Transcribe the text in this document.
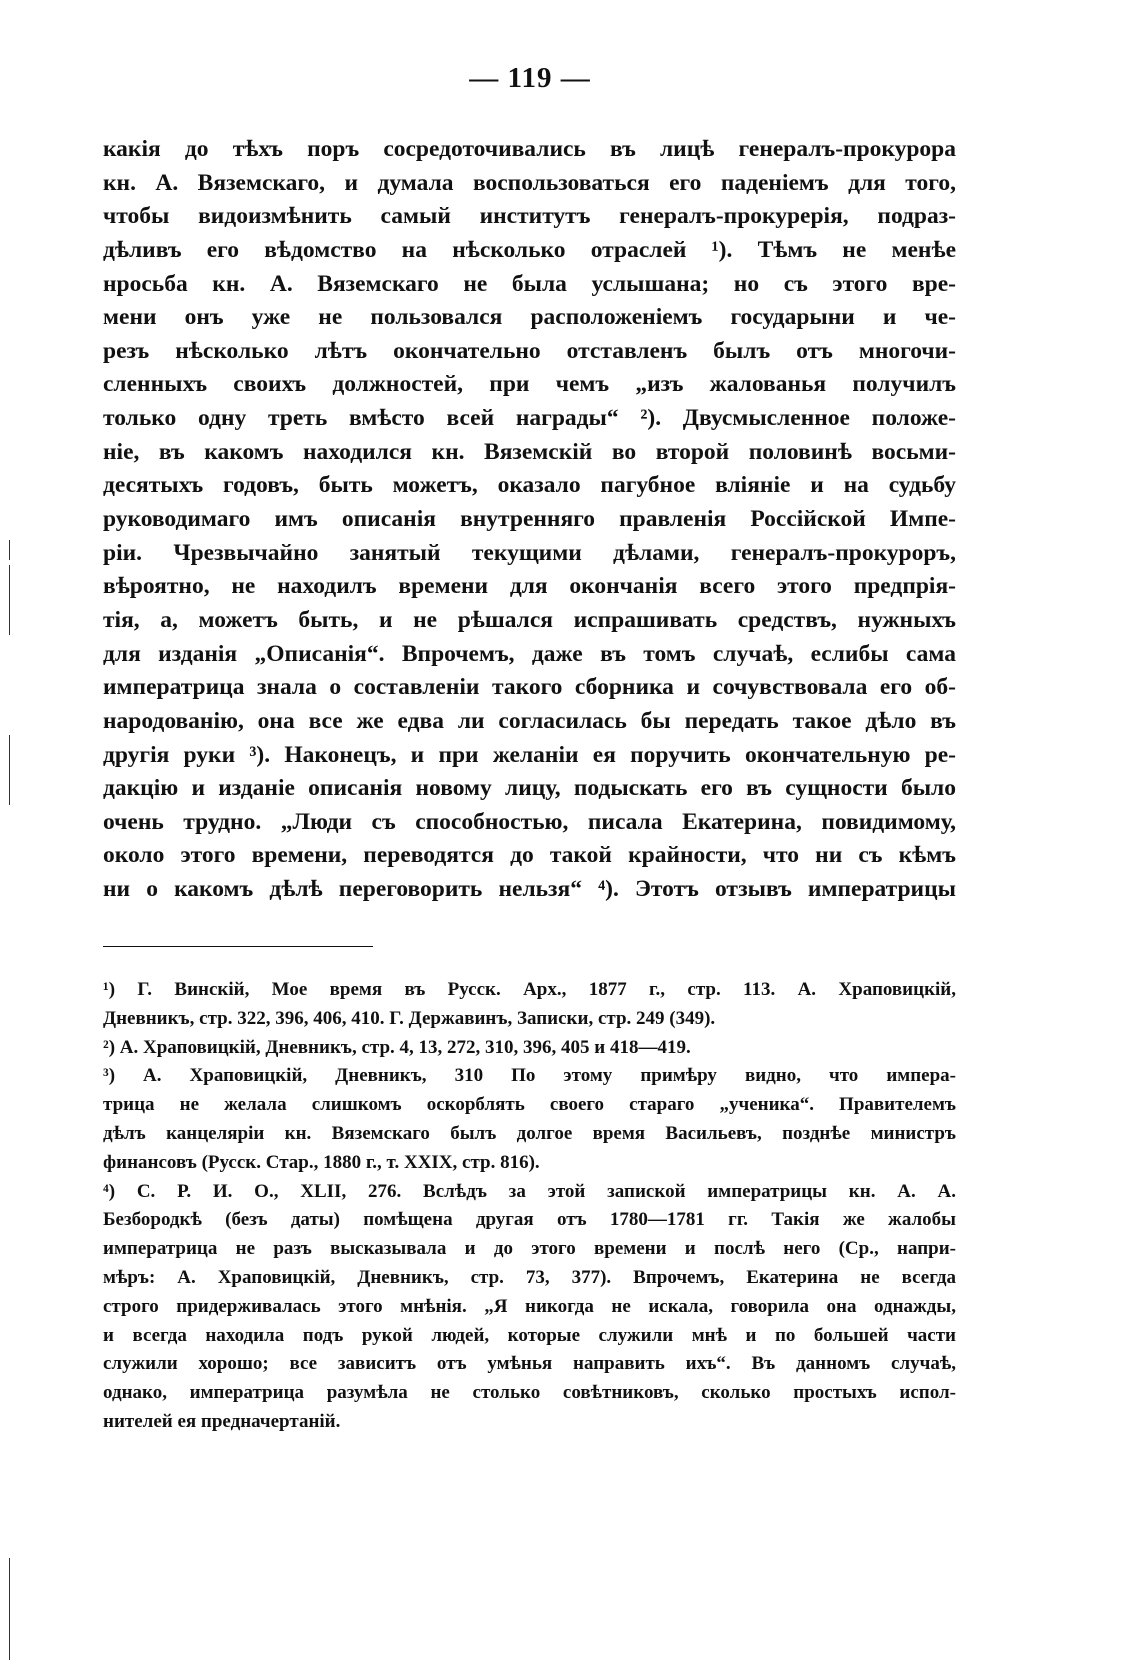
— 119 —
какія до тѣхъ поръ сосредоточивались въ лицѣ генералъ-прокурора
кн. А. Вяземскаго, и думала воспользоваться его паденіемъ для того,
чтобы видоизмѣнить самый институтъ генералъ-прокурерія, подраз-
дѣливъ его вѣдомство на нѣсколько отраслей ¹). Тѣмъ не менѣе
нросьба кн. А. Вяземскаго не была услышана; но съ этого вре-
мени онъ уже не пользовался расположеніемъ государыни и че-
резъ нѣсколько лѣтъ окончательно отставленъ былъ отъ многочи-
сленныхъ своихъ должностей, при чемъ „изъ жалованья получилъ
только одну треть вмѣсто всей награды“ ²). Двусмысленное положе-
ніе, въ какомъ находился кн. Вяземскій во второй половинѣ восьми-
десятыхъ годовъ, быть можетъ, оказало пагубное вліяніе и на судьбу
руководимаго имъ описанія внутренняго правленія Россійской Импе-
ріи. Чрезвычайно занятый текущими дѣлами, генералъ-прокуроръ,
вѣроятно, не находилъ времени для окончанія всего этого предпрія-
тія, а, можетъ быть, и не рѣшался испрашивать средствъ, нужныхъ
для изданія „Описанія“. Впрочемъ, даже въ томъ случаѣ, еслибы сама
императрица знала о составленіи такого сборника и сочувствовала его об-
народованію, она все же едва ли согласилась бы передать такое дѣло въ
другія руки ³). Наконецъ, и при желаніи ея поручить окончательную ре-
дакцію и изданіе описанія новому лицу, подыскать его въ сущности было
очень трудно. „Люди съ способностью, писала Екатерина, повидимому,
около этого времени, переводятся до такой крайности, что ни съ кѣмъ
ни о какомъ дѣлѣ переговорить нельзя“ ⁴). Этотъ отзывъ императрицы
¹) Г. Винскій, Мое время въ Русск. Арх., 1877 г., стр. 113. А. Храповицкій,
Дневникъ, стр. 322, 396, 406, 410. Г. Державинъ, Записки, стр. 249 (349).
²) А. Храповицкій, Дневникъ, стр. 4, 13, 272, 310, 396, 405 и 418—419.
³) А. Храповицкій, Дневникъ, 310 По этому примѣру видно, что импера-
трица не желала слишкомъ оскорблять своего стараго „ученика“. Правителемъ
дѣлъ канцеляріи кн. Вяземскаго былъ долгое время Васильевъ, позднѣе министръ
финансовъ (Русск. Стар., 1880 г., т. XXIX, стр. 816).
⁴) С. Р. И. О., XLII, 276. Вслѣдъ за этой запиской императрицы кн. А. А.
Безбородкѣ (безъ даты) помѣщена другая отъ 1780—1781 гг. Такія же жалобы
императрица не разъ высказывала и до этого времени и послѣ него (Ср., напри-
мѣръ: А. Храповицкій, Дневникъ, стр. 73, 377). Впрочемъ, Екатерина не всегда
строго придерживалась этого мнѣнія. „Я никогда не искала, говорила она однажды,
и всегда находила подъ рукой людей, которые служили мнѣ и по большей части
служили хорошо; все зависитъ отъ умѣнья направить ихъ“. Въ данномъ случаѣ,
однако, императрица разумѣла не столько совѣтниковъ, сколько простыхъ испол-
нителей ея предначертаній.
